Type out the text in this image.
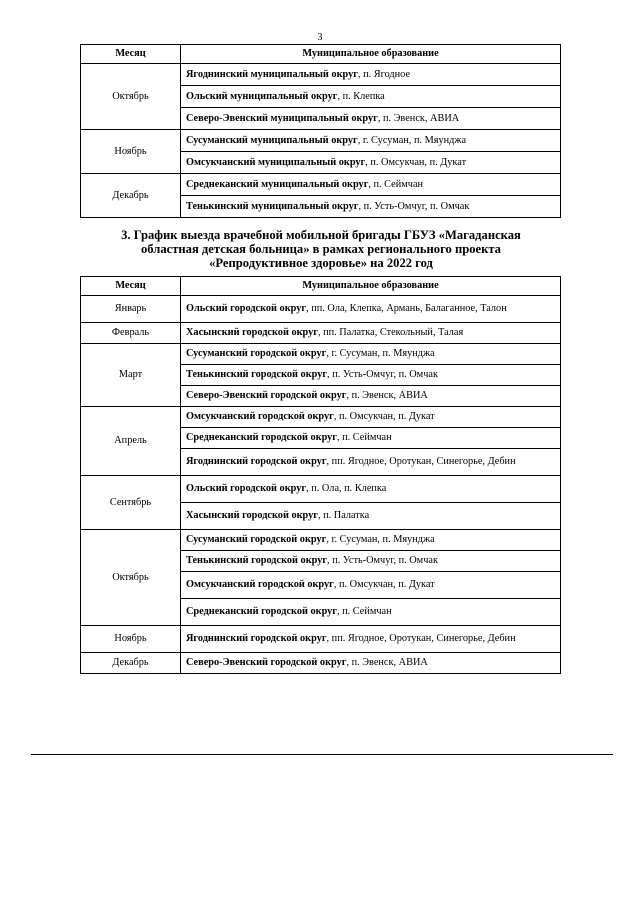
3
Месяц	Муниципальное образование
Октябрь	Ягоднинский муниципальный округ, п. Ягодное
	Ольский муниципальный округ, п. Клепка
	Северо-Эвенский муниципальный округ, п. Эвенск, АВИА
Ноябрь	Сусуманский муниципальный округ, г. Сусуман, п. Мяунджа
	Омсукчанский муниципальный округ, п. Омсукчан, п. Дукат
Декабрь	Среднеканский муниципальный округ, п. Сеймчан
	Тенькинский муниципальный округ, п. Усть-Омчуг, п. Омчак
3. График выезда врачебной мобильной бригады ГБУЗ «Магаданская
областная детская больница» в рамках регионального проекта
«Репродуктивное здоровье» на 2022 год
Месяц	Муниципальное образование
Январь	Ольский городской округ, пп. Ола, Клепка, Армань, Балаганное, Талон
Февраль	Хасынский городской округ, пп. Палатка, Стекольный, Талая
Март	Сусуманский городской округ, г. Сусуман, п. Мяунджа
	Тенькинский городской округ, п. Усть-Омчуг, п. Омчак
	Северо-Эвенский городской округ, п. Эвенск, АВИА
Апрель	Омсукчанский городской округ, п. Омсукчан, п. Дукат
	Среднеканский городской округ, п. Сеймчан
	Ягоднинский городской округ, пп. Ягодное, Оротукан, Синегорье, Дебин
Сентябрь	Ольский городской округ, п. Ола, п. Клепка
	Хасынский городской округ, п. Палатка
Октябрь	Сусуманский городской округ, г. Сусуман, п. Мяунджа
	Тенькинский городской округ, п. Усть-Омчуг, п. Омчак
	Омсукчанский городской округ, п. Омсукчан, п. Дукат
	Среднеканский городской округ, п. Сеймчан
Ноябрь	Ягоднинский городской округ, пп. Ягодное, Оротукан, Синегорье, Дебин
Декабрь	Северо-Эвенский городской округ, п. Эвенск, АВИА
